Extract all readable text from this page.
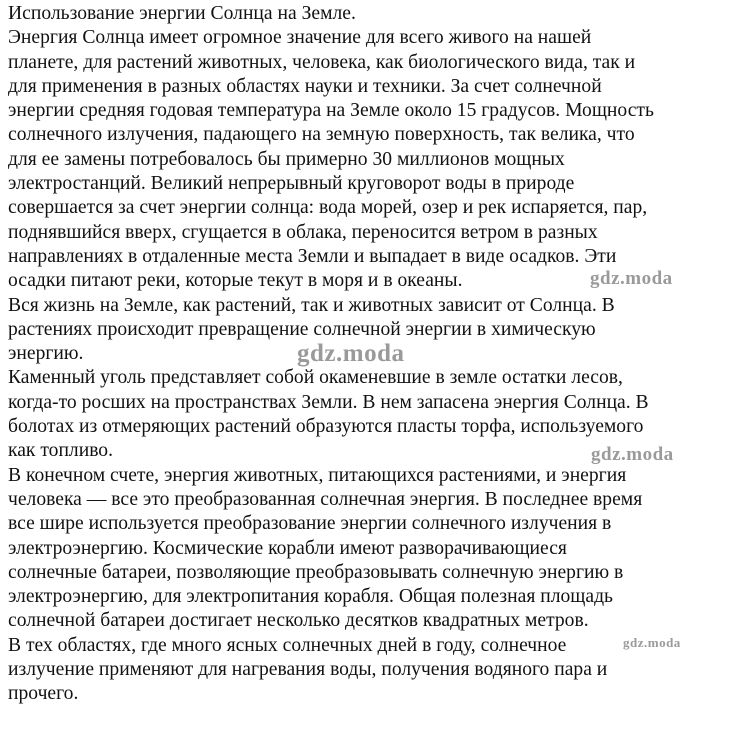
Использование энергии Солнца на Земле.
Энергия Солнца имеет огромное значение для всего живого на нашей
планете, для растений животных, человека, как биологического вида, так и
для применения в разных областях науки и техники. За счет солнечной
энергии средняя годовая температура на Земле около 15 градусов. Мощность
солнечного излучения, падающего на земную поверхность, так велика, что
для ее замены потребовалось бы примерно 30 миллионов мощных
электростанций. Великий непрерывный круговорот воды в природе
совершается за счет энергии солнца: вода морей, озер и рек испаряется, пар,
поднявшийся вверх, сгущается в облака, переносится ветром в разных
направлениях в отдаленные места Земли и выпадает в виде осадков. Эти
осадки питают реки, которые текут в моря и в океаны.
Вся жизнь на Земле, как растений, так и животных зависит от Солнца. В
растениях происходит превращение солнечной энергии в химическую
энергию.
Каменный уголь представляет собой окаменевшие в земле остатки лесов,
когда-то росших на пространствах Земли. В нем запасена энергия Солнца. В
болотах из отмеряющих растений образуются пласты торфа, используемого
как топливо.
В конечном счете, энергия животных, питающихся растениями, и энергия
человека — все это преобразованная солнечная энергия. В последнее время
все шире используется преобразование энергии солнечного излучения в
электроэнергию. Космические корабли имеют разворачивающиеся
солнечные батареи, позволяющие преобразовывать солнечную энергию в
электроэнергию, для электропитания корабля. Общая полезная площадь
солнечной батареи достигает несколько десятков квадратных метров.
В тех областях, где много ясных солнечных дней в году, солнечное
излучение применяют для нагревания воды, получения водяного пара и
прочего.
gdz.moda
gdz.moda
gdz.moda
gdz.moda
